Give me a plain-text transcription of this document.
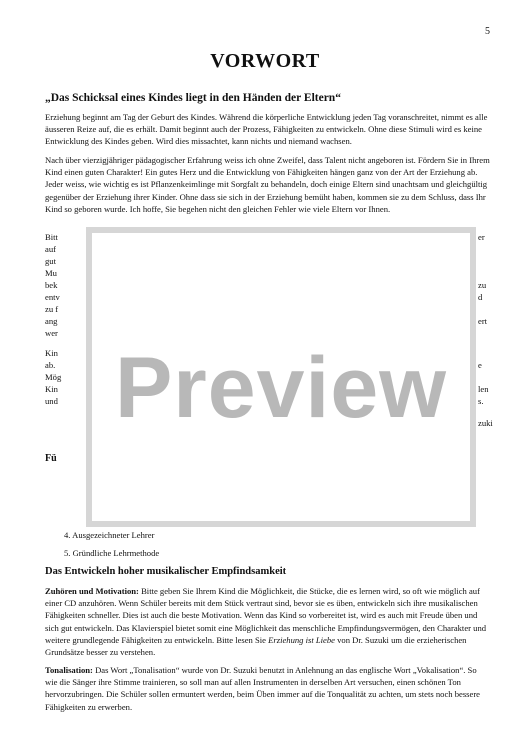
5
VORWORT
„Das Schicksal eines Kindes liegt in den Händen der Eltern“
Erziehung beginnt am Tag der Geburt des Kindes. Während die körperliche Entwicklung jeden Tag voranschreitet, nimmt es alle äusseren Reize auf, die es erhält. Damit beginnt auch der Prozess, Fähigkeiten zu entwickeln. Ohne diese Stimuli wird es keine Entwicklung des Kindes geben. Wird dies missachtet, kann nichts und niemand wachsen.
Nach über vierzigjähriger pädagogischer Erfahrung weiss ich ohne Zweifel, dass Talent nicht angeboren ist. Fördern Sie in Ihrem Kind einen guten Charakter! Ein gutes Herz und die Entwicklung von Fähigkeiten hängen ganz von der Art der Erziehung ab. Jeder weiss, wie wichtig es ist Pflanzenkeimlinge mit Sorgfalt zu behandeln, doch einige Eltern sind unachtsam und gleichgültig gegenüber der Erziehung ihrer Kinder. Ohne dass sie sich in der Erziehung bemüht haben, kommen sie zu dem Schluss, dass Ihr Kind so geboren wurde. Ich hoffe, Sie begehen nicht den gleichen Fehler wie viele Eltern vor Ihnen.
Bitt
auf
gut
Mu
bek
entv
zu f
ang
wer
Kin
ab.
Mög
Kin
und
Fü
er
zu
d
ert
e
len
s.
zuki
Preview
4. Ausgezeichneter Lehrer
5. Gründliche Lehrmethode
Das Entwickeln hoher musikalischer Empfindsamkeit
Zuhören und Motivation: Bitte geben Sie Ihrem Kind die Möglichkeit, die Stücke, die es lernen wird, so oft wie möglich auf einer CD anzuhören. Wenn Schüler bereits mit dem Stück vertraut sind, bevor sie es üben, entwickeln sich ihre musikalischen Fähigkeiten schneller. Dies ist auch die beste Motivation. Wenn das Kind so vorbereitet ist, wird es auch mit Freude üben und sich gut entwickeln. Das Klavierspiel bietet somit eine Möglichkeit das menschliche Empfindungsvermögen, den Charakter und weitere grundlegende Fähigkeiten zu entwickeln. Bitte lesen Sie Erziehung ist Liebe von Dr. Suzuki um die erzieherischen Grundsätze besser zu verstehen.
Tonalisation: Das Wort „Tonalisation“ wurde von Dr. Suzuki benutzt in Anlehnung an das englische Wort „Vokalisation“. So wie die Sänger ihre Stimme trainieren, so soll man auf allen Instrumenten in derselben Art versuchen, einen schönen Ton hervorzubringen. Die Schüler sollen ermuntert werden, beim Üben immer auf die Tonqualität zu achten, um stets noch bessere Fähigkeiten zu erwerben.
